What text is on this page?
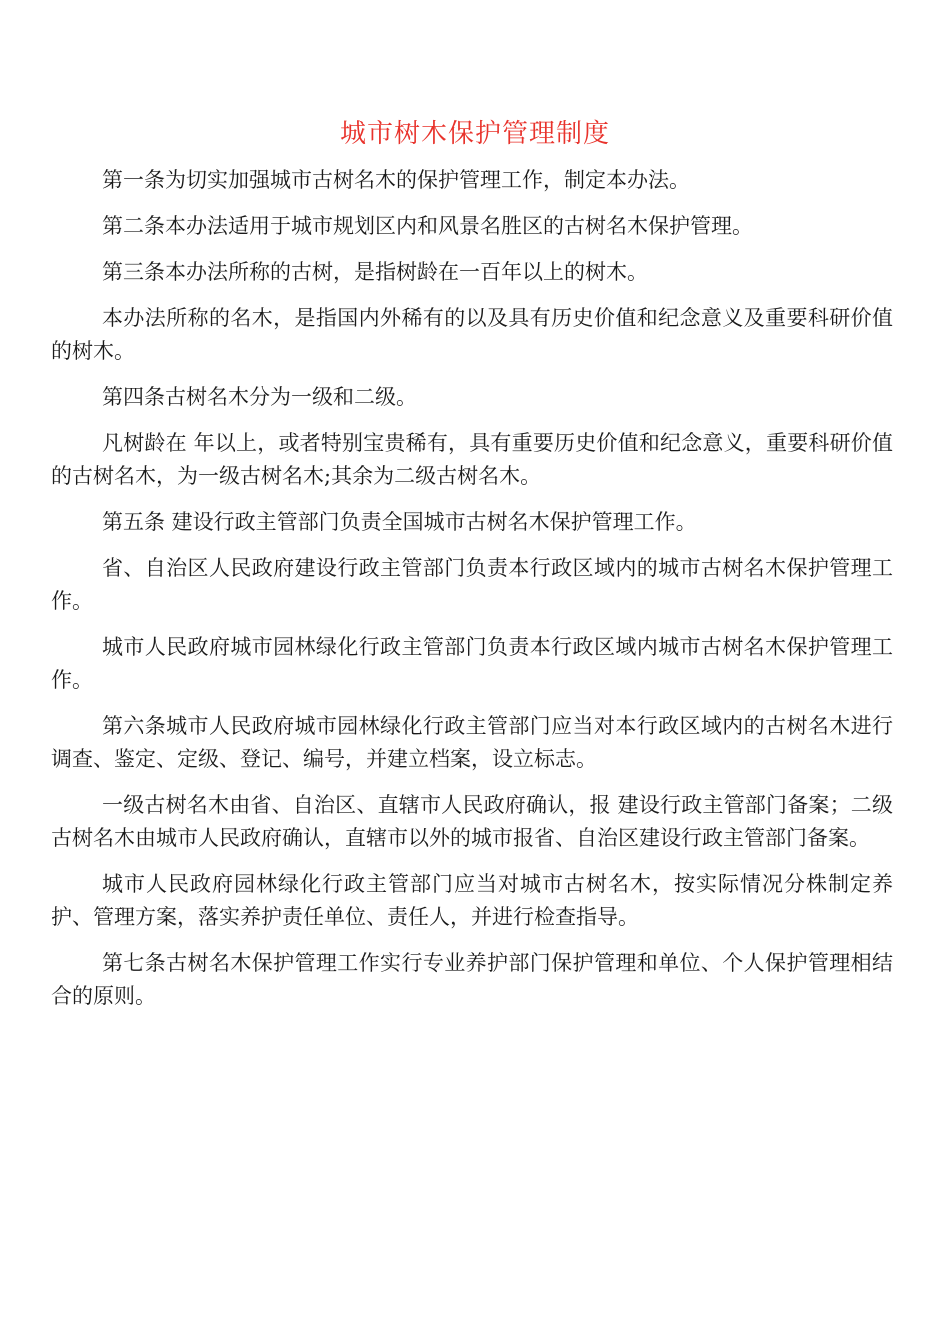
城市树木保护管理制度

第一条为切实加强城市古树名木的保护管理工作，制定本办法。

第二条本办法适用于城市规划区内和风景名胜区的古树名木保护管理。

第三条本办法所称的古树，是指树龄在一百年以上的树木。

本办法所称的名木，是指国内外稀有的以及具有历史价值和纪念意义及重要科研价值的树木。

第四条古树名木分为一级和二级。

凡树龄在 年以上，或者特别宝贵稀有，具有重要历史价值和纪念意义，重要科研价值的古树名木，为一级古树名木;其余为二级古树名木。

第五条 建设行政主管部门负责全国城市古树名木保护管理工作。

省、自治区人民政府建设行政主管部门负责本行政区域内的城市古树名木保护管理工作。

城市人民政府城市园林绿化行政主管部门负责本行政区域内城市古树名木保护管理工作。

第六条城市人民政府城市园林绿化行政主管部门应当对本行政区域内的古树名木进行调查、鉴定、定级、登记、编号，并建立档案，设立标志。

一级古树名木由省、自治区、直辖市人民政府确认，报 建设行政主管部门备案；二级古树名木由城市人民政府确认，直辖市以外的城市报省、自治区建设行政主管部门备案。

城市人民政府园林绿化行政主管部门应当对城市古树名木，按实际情况分株制定养护、管理方案，落实养护责任单位、责任人，并进行检查指导。

第七条古树名木保护管理工作实行专业养护部门保护管理和单位、个人保护管理相结合的原则。
